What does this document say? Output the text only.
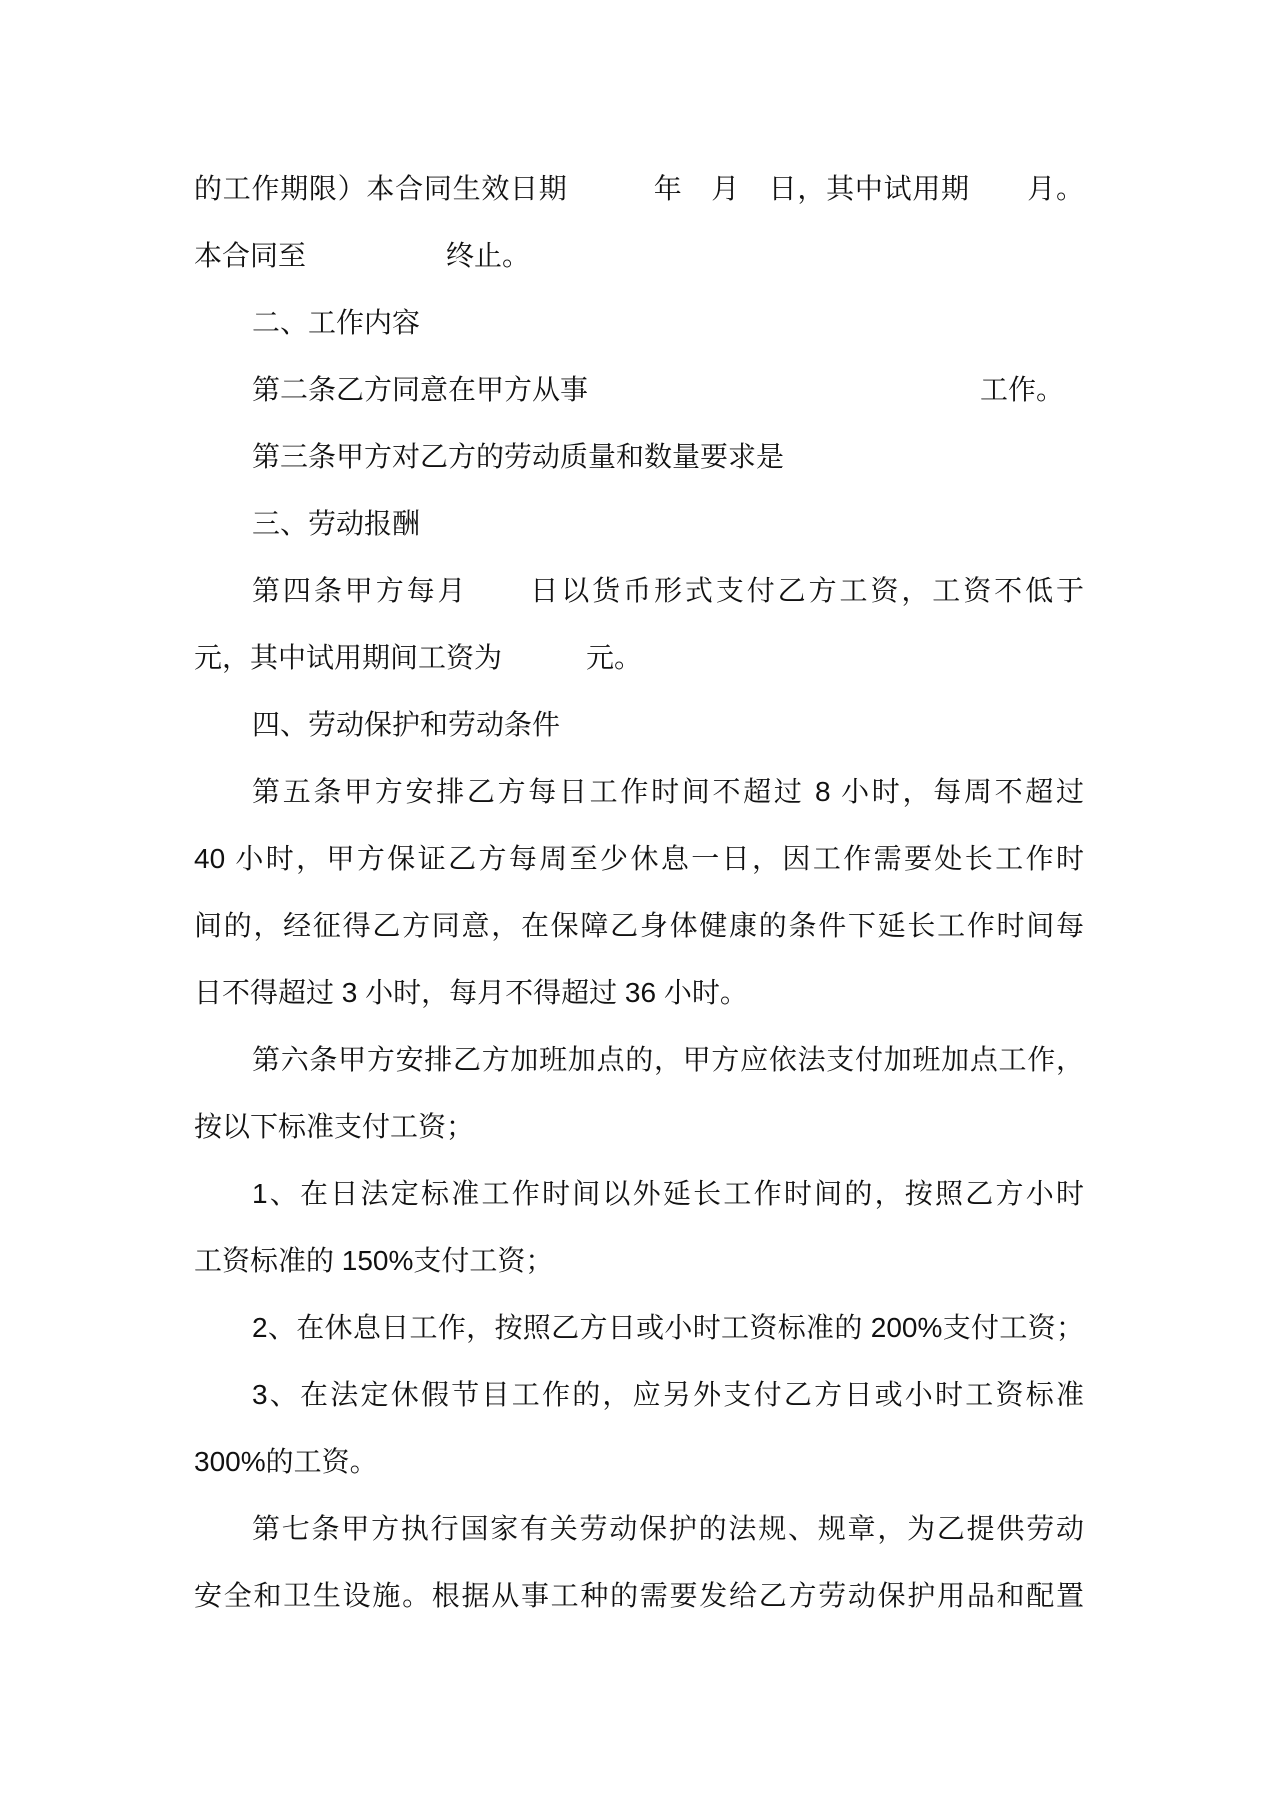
的工作期限）本合同生效日期　　　年　月　日，其中试用期　　月。
本合同至　　　　　终止。
二、工作内容
第二条乙方同意在甲方从事　　　　　　　　　　　　　　工作。
第三条甲方对乙方的劳动质量和数量要求是
三、劳动报酬
第四条甲方每月　　日以货币形式支付乙方工资，工资不低于
元，其中试用期间工资为　　　元。
四、劳动保护和劳动条件
第五条甲方安排乙方每日工作时间不超过 8 小时，每周不超过
40 小时，甲方保证乙方每周至少休息一日，因工作需要处长工作时
间的，经征得乙方同意，在保障乙身体健康的条件下延长工作时间每
日不得超过 3 小时，每月不得超过 36 小时。
第六条甲方安排乙方加班加点的，甲方应依法支付加班加点工作，
按以下标准支付工资；
1、在日法定标准工作时间以外延长工作时间的，按照乙方小时
工资标准的 150%支付工资；
2、在休息日工作，按照乙方日或小时工资标准的 200%支付工资；
3、在法定休假节目工作的，应另外支付乙方日或小时工资标准
300%的工资。
第七条甲方执行国家有关劳动保护的法规、规章，为乙提供劳动
安全和卫生设施。根据从事工种的需要发给乙方劳动保护用品和配置
